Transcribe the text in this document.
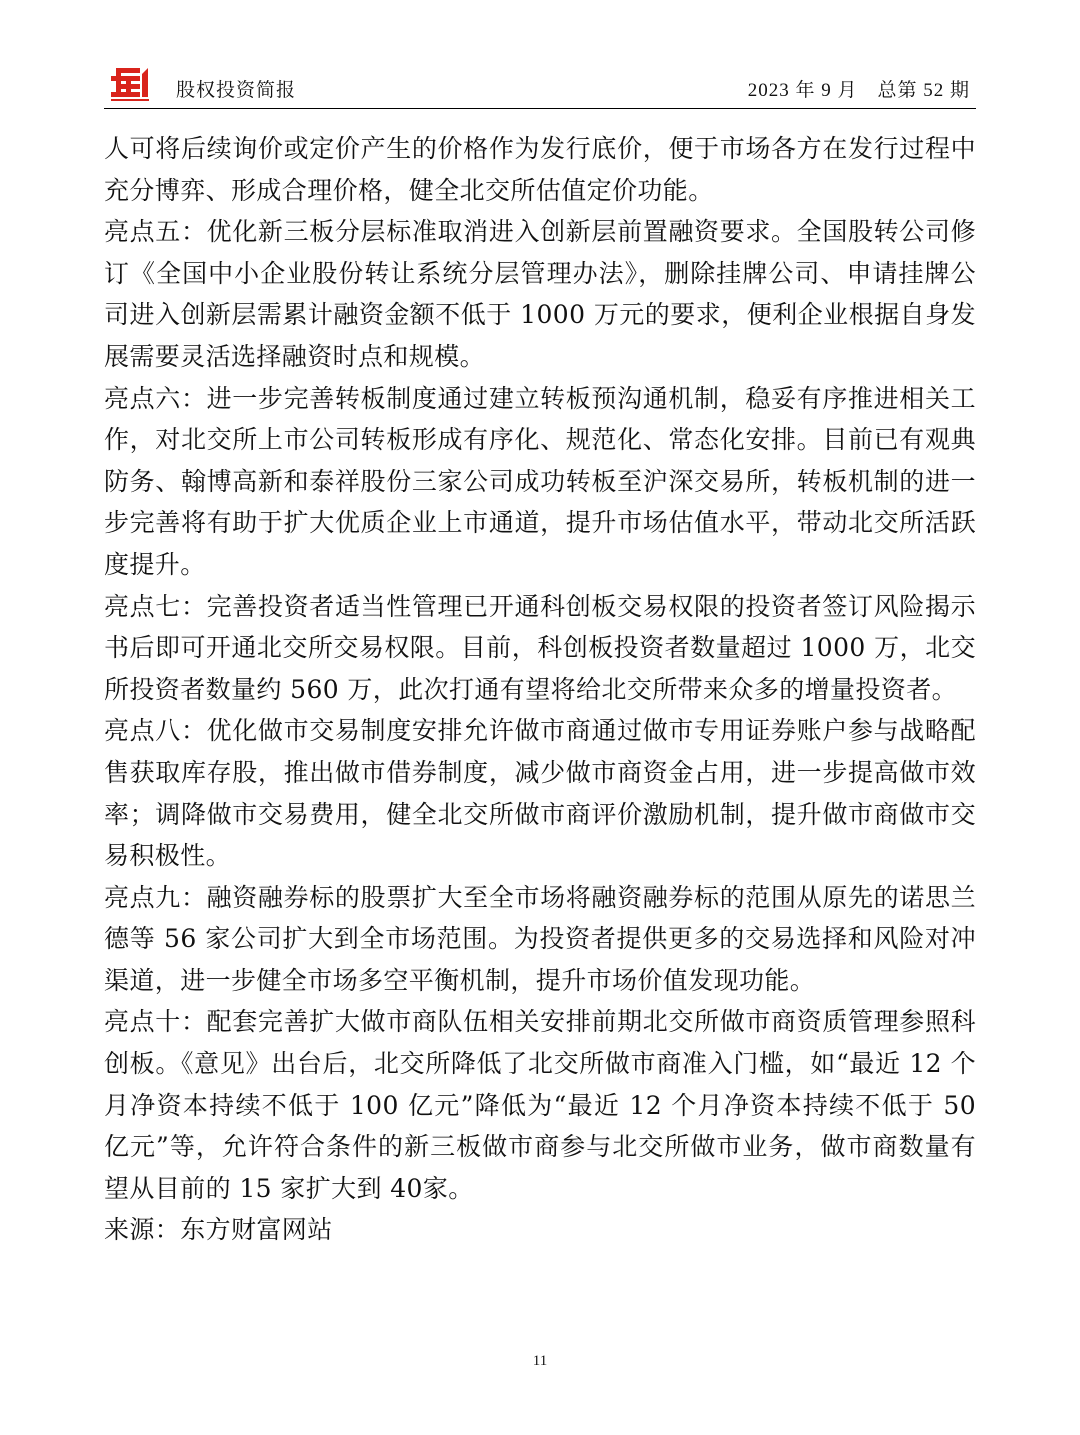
股权投资简报	2023 年 9 月　总第 52 期

人可将后续询价或定价产生的价格作为发行底价，便于市场各方在发行过程中充分博弈、形成合理价格，健全北交所估值定价功能。

亮点五：优化新三板分层标准取消进入创新层前置融资要求。全国股转公司修订《全国中小企业股份转让系统分层管理办法》，删除挂牌公司、申请挂牌公司进入创新层需累计融资金额不低于 1000 万元的要求，便利企业根据自身发展需要灵活选择融资时点和规模。

亮点六：进一步完善转板制度通过建立转板预沟通机制，稳妥有序推进相关工作，对北交所上市公司转板形成有序化、规范化、常态化安排。目前已有观典防务、翰博高新和泰祥股份三家公司成功转板至沪深交易所，转板机制的进一步完善将有助于扩大优质企业上市通道，提升市场估值水平，带动北交所活跃度提升。

亮点七：完善投资者适当性管理已开通科创板交易权限的投资者签订风险揭示书后即可开通北交所交易权限。目前，科创板投资者数量超过 1000 万，北交所投资者数量约 560 万，此次打通有望将给北交所带来众多的增量投资者。

亮点八：优化做市交易制度安排允许做市商通过做市专用证券账户参与战略配售获取库存股，推出做市借券制度，减少做市商资金占用，进一步提高做市效率；调降做市交易费用，健全北交所做市商评价激励机制，提升做市商做市交易积极性。

亮点九：融资融券标的股票扩大至全市场将融资融券标的范围从原先的诺思兰德等 56 家公司扩大到全市场范围。为投资者提供更多的交易选择和风险对冲渠道，进一步健全市场多空平衡机制，提升市场价值发现功能。

亮点十：配套完善扩大做市商队伍相关安排前期北交所做市商资质管理参照科创板。《意见》出台后，北交所降低了北交所做市商准入门槛，如“最近 12 个月净资本持续不低于 100 亿元”降低为“最近 12 个月净资本持续不低于 50 亿元”等，允许符合条件的新三板做市商参与北交所做市业务，做市商数量有望从目前的 15 家扩大到 40家。

来源：东方财富网站

11
